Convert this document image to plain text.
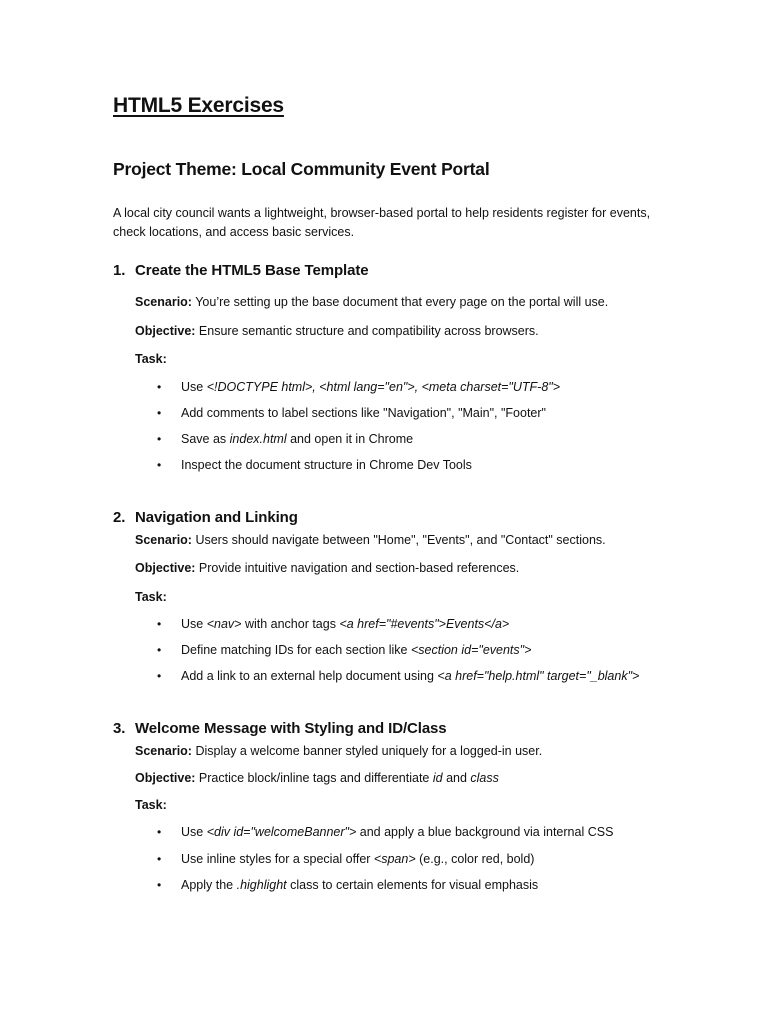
HTML5 Exercises
Project Theme: Local Community Event Portal

A local city council wants a lightweight, browser-based portal to help residents register for events, check locations, and access basic services.

1. Create the HTML5 Base Template

Scenario: You’re setting up the base document that every page on the portal will use.

Objective: Ensure semantic structure and compatibility across browsers.

Task:

• Use <!DOCTYPE html>, <html lang="en">, <meta charset="UTF-8">
• Add comments to label sections like "Navigation", "Main", "Footer"
• Save as index.html and open it in Chrome
• Inspect the document structure in Chrome Dev Tools
2. Navigation and Linking

Scenario: Users should navigate between "Home", "Events", and "Contact" sections.

Objective: Provide intuitive navigation and section-based references.

Task:

• Use <nav> with anchor tags <a href="#events">Events</a>
• Define matching IDs for each section like <section id="events">
• Add a link to an external help document using <a href="help.html" target="_blank">
3. Welcome Message with Styling and ID/Class

Scenario: Display a welcome banner styled uniquely for a logged-in user.

Objective: Practice block/inline tags and differentiate id and class

Task:

• Use <div id="welcomeBanner"> and apply a blue background via internal CSS
• Use inline styles for a special offer <span> (e.g., color red, bold)
• Apply the .highlight class to certain elements for visual emphasis
